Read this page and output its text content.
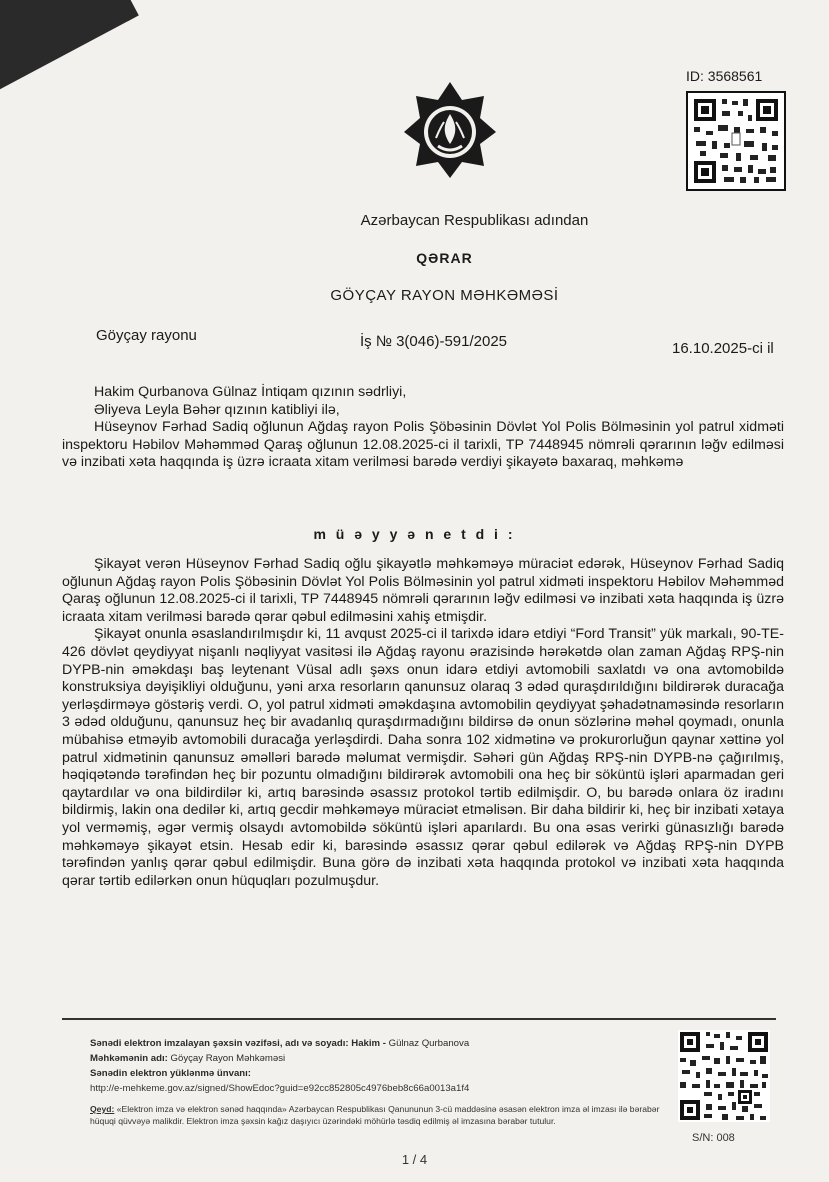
ID: 3568561
Azərbaycan Respublikası adından
QƏRAR
GÖYÇAY RAYON MƏHKƏMƏSİ
Göyçay rayonu	İş № 3(046)-591/2025	16.10.2025-ci il

Hakim Qurbanova Gülnaz İntiqam qızının sədrliyi,

Əliyeva Leyla Bəhər qızının katibliyi ilə,

Hüseynov Fərhad Sadiq oğlunun Ağdaş rayon Polis Şöbəsinin Dövlət Yol Polis Bölməsinin yol patrul xidməti inspektoru Həbilov Məhəmməd Qaraş oğlunun 12.08.2025-ci il tarixli, TP 7448945 nömrəli qərarının ləğv edilməsi və inzibati xəta haqqında iş üzrə icraata xitam verilməsi barədə verdiyi şikayətə baxaraq, məhkəmə

m ü ə y y ə n e t d i :

Şikayət verən Hüseynov Fərhad Sadiq oğlu şikayətlə məhkəməyə müraciət edərək, Hüseynov Fərhad Sadiq oğlunun Ağdaş rayon Polis Şöbəsinin Dövlət Yol Polis Bölməsinin yol patrul xidməti inspektoru Həbilov Məhəmməd Qaraş oğlunun 12.08.2025-ci il tarixli, TP 7448945 nömrəli qərarının ləğv edilməsi və inzibati xəta haqqında iş üzrə icraata xitam verilməsi barədə qərar qəbul edilməsini xahiş etmişdir.

Şikayət onunla əsaslandırılmışdır ki, 11 avqust 2025-ci il tarixdə idarə etdiyi “Ford Transit” yük markalı, 90-TE-426 dövlət qeydiyyat nişanlı nəqliyyat vasitəsi ilə Ağdaş rayonu ərazisində hərəkətdə olan zaman Ağdaş RPŞ-nin DYPB-nin əməkdaşı baş leytenant Vüsal adlı şəxs onun idarə etdiyi avtomobili saxlatdı və ona avtomobildə konstruksiya dəyişikliyi olduğunu, yəni arxa resorların qanunsuz olaraq 3 ədəd quraşdırıldığını bildirərək duracağa yerləşdirməyə göstəriş verdi. O, yol patrul xidməti əməkdaşına avtomobilin qeydiyyat şəhadətnaməsində resorların 3 ədəd olduğunu, qanunsuz heç bir avadanlıq quraşdırmadığını bildirsə də onun sözlərinə məhəl qoymadı, onunla mübahisə etməyib avtomobili duracağa yerləşdirdi. Daha sonra 102 xidmətinə və prokurorluğun qaynar xəttinə yol patrul xidmətinin qanunsuz əməlləri barədə məlumat vermişdir. Səhəri gün Ağdaş RPŞ-nin DYPB-nə çağırılmış, həqiqətəndə tərəfindən heç bir pozuntu olmadığını bildirərək avtomobili ona heç bir söküntü işləri aparmadan geri qaytardılar və ona bildirdilər ki, artıq barəsində əsassız protokol tərtib edilmişdir. O, bu barədə onlara öz iradını bildirmiş, lakin ona dedilər ki, artıq gecdir məhkəməyə müraciət etməlisən. Bir daha bildirir ki, heç bir inzibati xətaya yol verməmiş, əgər vermiş olsaydı avtomobildə söküntü işləri aparılardı. Bu ona əsas verirki günasızlığı barədə məhkəməyə şikayət etsin. Hesab edir ki, barəsində əsassız qərar qəbul edilərək və Ağdaş RPŞ-nin DYPB tərəfindən yanlış qərar qəbul edilmişdir. Buna görə də inzibati xəta haqqında protokol və inzibati xəta haqqında qərar tərtib edilərkən onun hüquqları pozulmuşdur.

Sənədi elektron imzalayan şəxsin vəzifəsi, adı və soyadı: Hakim - Gülnaz Qurbanova
Məhkəmənin adı: Göyçay Rayon Məhkəməsi
Sənədin elektron yüklənmə ünvanı:
http://e-mehkeme.gov.az/signed/ShowEdoc?guid=e92cc852805c4976beb8c66a0013a1f4
Qeyd: «Elektron imza və elektron sənəd haqqında» Azərbaycan Respublikası Qanununun 3-cü maddəsinə əsasən elektron imza əl imzası ilə bərabər hüquqi qüvvəyə malikdir. Elektron imza şəxsin kağız daşıyıcı üzərindəki möhürlə təsdiq edilmiş əl imzasına bərabər tutulur.
S/N: 008
1 / 4
